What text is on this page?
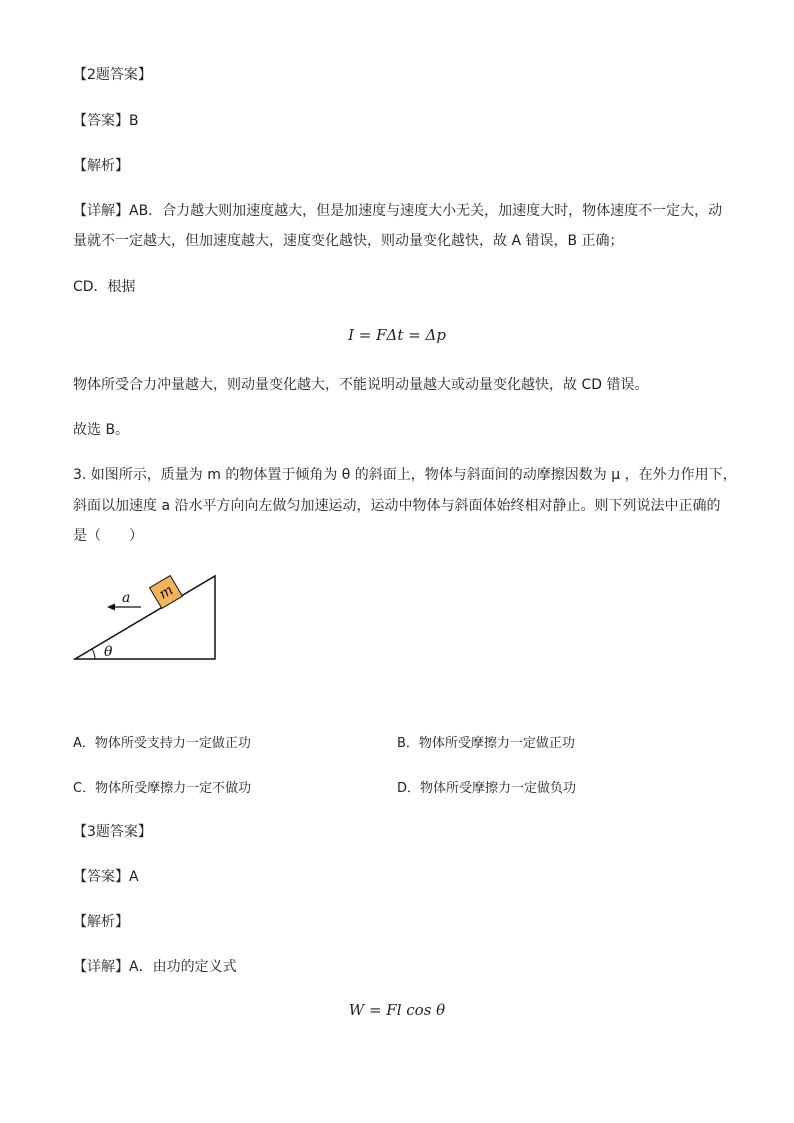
【2题答案】
【答案】B
【解析】
【详解】AB．合力越大则加速度越大，但是加速度与速度大小无关，加速度大时，物体速度不一定大，动
量就不一定越大，但加速度越大，速度变化越快，则动量变化越快，故 A 错误，B 正确；
CD．根据
I = FΔt = Δp
物体所受合力冲量越大，则动量变化越大，不能说明动量越大或动量变化越快，故 CD 错误。
故选 B。
3. 如图所示，质量为 m 的物体置于倾角为 θ 的斜面上，物体与斜面间的动摩擦因数为 μ ，在外力作用下，
斜面以加速度 a 沿水平方向向左做匀加速运动，运动中物体与斜面体始终相对静止。则下列说法中正确的
是（　　）
θ
m
a
A．物体所受支持力一定做正功	B．物体所受摩擦力一定做正功
C．物体所受摩擦力一定不做功	D．物体所受摩擦力一定做负功
【3题答案】
【答案】A
【解析】
【详解】A．由功的定义式
W = Fl cos θ
